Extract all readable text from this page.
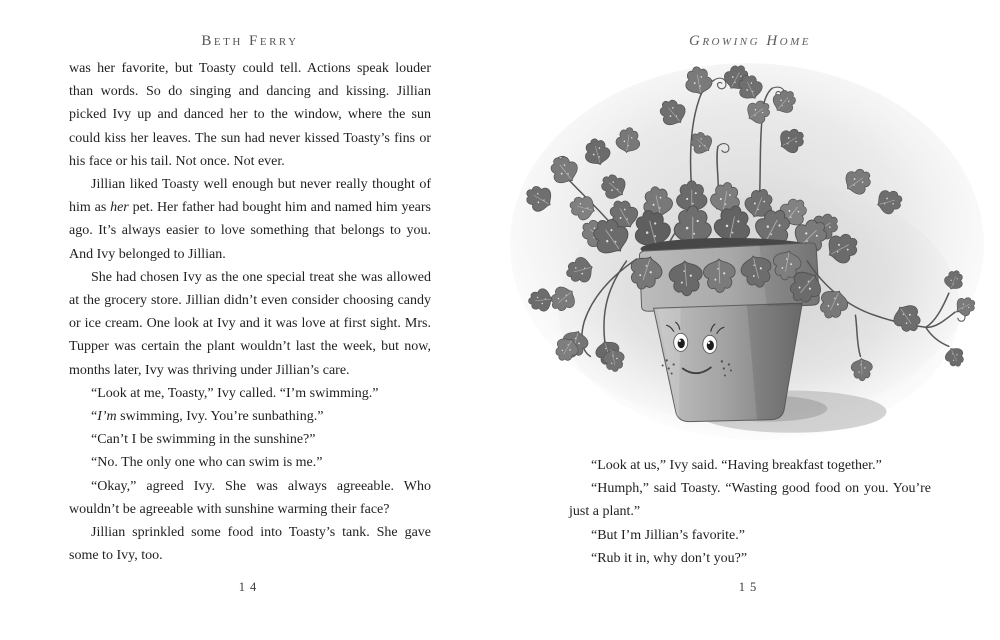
Beth Ferry

was her favorite, but Toasty could tell. Actions speak louder than words. So do singing and dancing and kissing. Jillian picked Ivy up and danced her to the window, where the sun could kiss her leaves. The sun had never kissed Toasty’s fins or his face or his tail. Not once. Not ever.

Jillian liked Toasty well enough but never really thought of him as her pet. Her father had bought him and named him years ago. It’s always easier to love something that belongs to you. And Ivy belonged to Jillian.

She had chosen Ivy as the one special treat she was allowed at the grocery store. Jillian didn’t even consider choosing candy or ice cream. One look at Ivy and it was love at first sight. Mrs. Tupper was certain the plant wouldn’t last the week, but now, months later, Ivy was thriving under Jillian’s care.

“Look at me, Toasty,” Ivy called. “I’m swimming.”

“I’m swimming, Ivy. You’re sunbathing.”

“Can’t I be swimming in the sunshine?”

“No. The only one who can swim is me.”

“Okay,” agreed Ivy. She was always agreeable. Who wouldn’t be agreeable with sunshine warming their face?

Jillian sprinkled some food into Toasty’s tank. She gave some to Ivy, too.

14
Growing Home

“Look at us,” Ivy said. “Having breakfast together.”

“Humph,” said Toasty. “Wasting good food on you. You’re just a plant.”

“But I’m Jillian’s favorite.”

“Rub it in, why don’t you?”

15
